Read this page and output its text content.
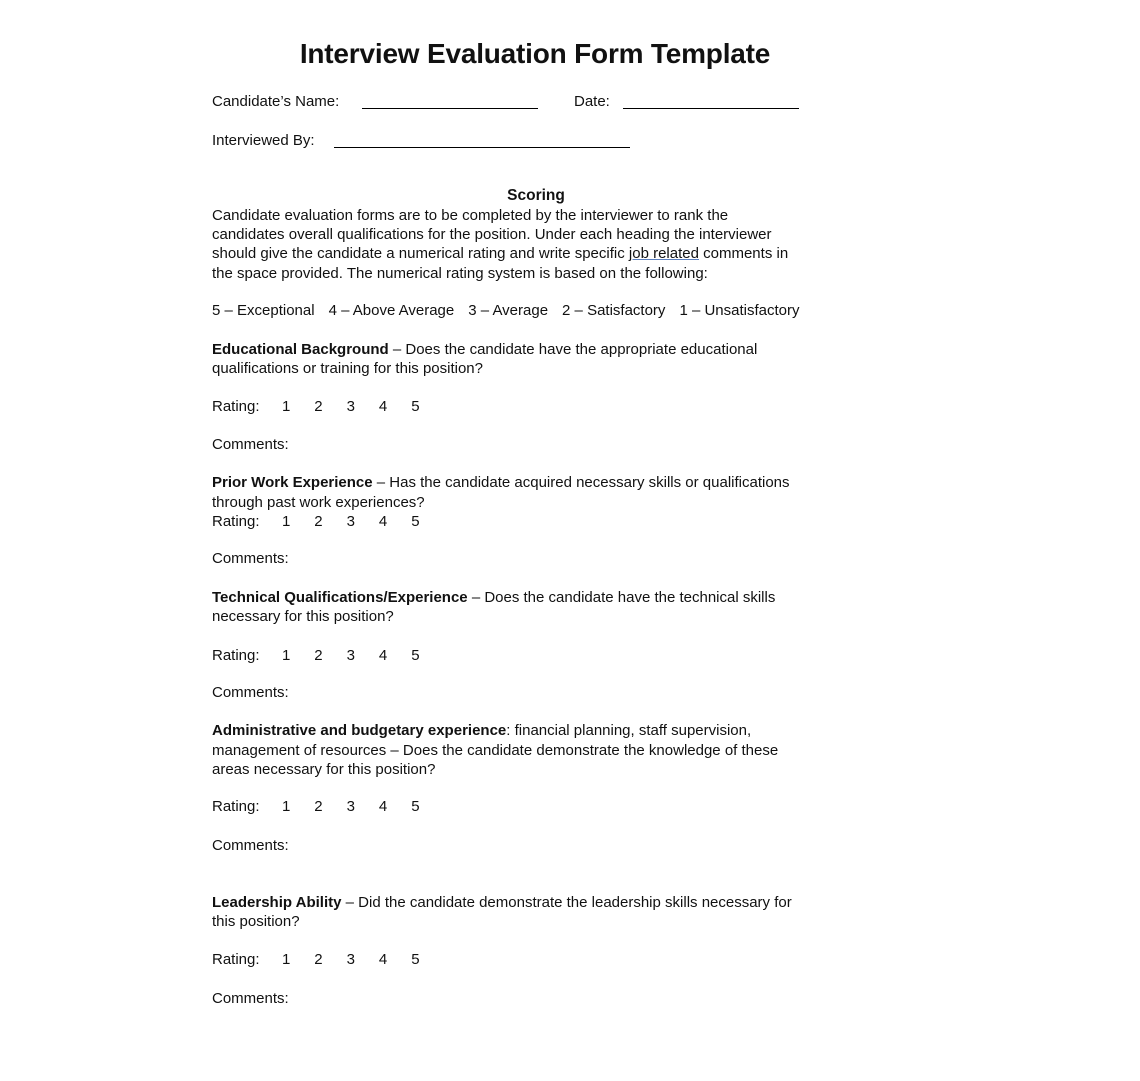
Interview Evaluation Form Template
Candidate’s Name:	Date:
Interviewed By:
Scoring
Candidate evaluation forms are to be completed by the interviewer to rank the
candidates overall qualifications for the position. Under each heading the interviewer
should give the candidate a numerical rating and write specific job related comments in
the space provided. The numerical rating system is based on the following:
5 – Exceptional 4 – Above Average 3 – Average 2 – Satisfactory 1 – Unsatisfactory
Educational Background – Does the candidate have the appropriate educational
qualifications or training for this position?
Rating: 1 2 3 4 5
Comments:
Prior Work Experience – Has the candidate acquired necessary skills or qualifications
through past work experiences?
Rating: 1 2 3 4 5
Comments:
Technical Qualifications/Experience – Does the candidate have the technical skills
necessary for this position?
Rating: 1 2 3 4 5
Comments:
Administrative and budgetary experience: financial planning, staff supervision,
management of resources – Does the candidate demonstrate the knowledge of these
areas necessary for this position?
Rating: 1 2 3 4 5
Comments:
Leadership Ability – Did the candidate demonstrate the leadership skills necessary for
this position?
Rating: 1 2 3 4 5
Comments:
